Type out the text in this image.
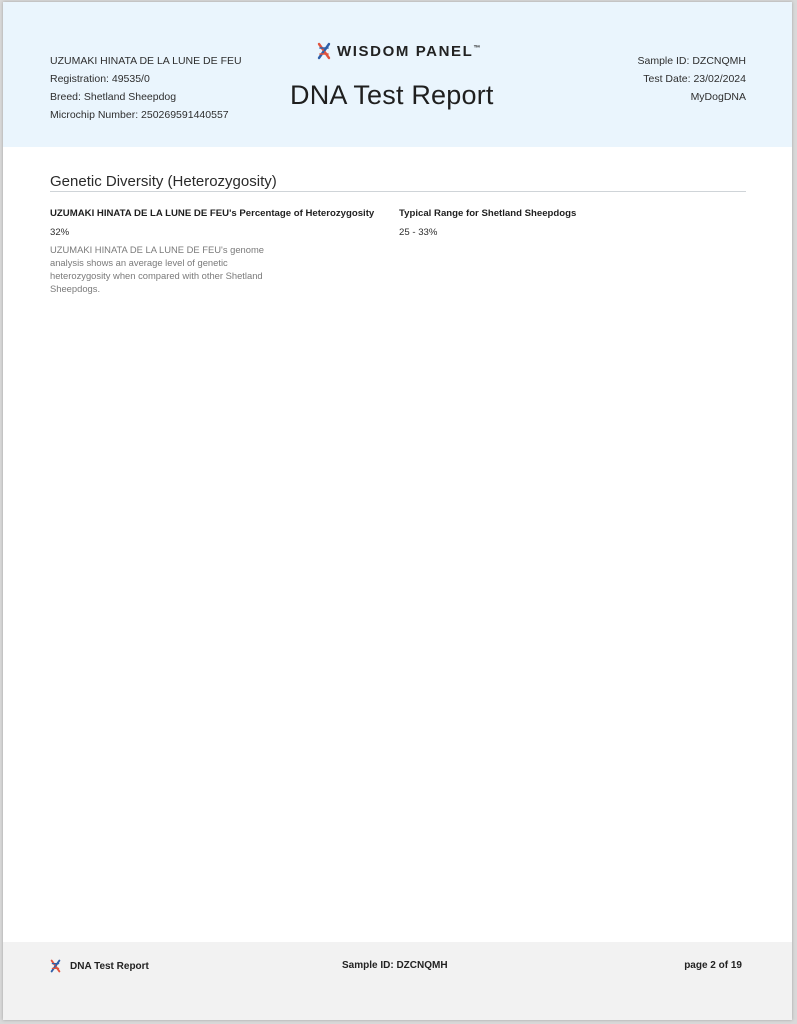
UZUMAKI HINATA DE LA LUNE DE FEU
Registration: 49535/0
Breed: Shetland Sheepdog
Microchip Number: 250269591440557
WISDOM PANEL™
DNA Test Report
Sample ID: DZCNQMH
Test Date: 23/02/2024
MyDogDNA
Genetic Diversity (Heterozygosity)
UZUMAKI HINATA DE LA LUNE DE FEU's Percentage of Heterozygosity	Typical Range for Shetland Sheepdogs
32%	25 - 33%
UZUMAKI HINATA DE LA LUNE DE FEU's genome analysis shows an average level of genetic heterozygosity when compared with other Shetland Sheepdogs.
DNA Test Report	Sample ID: DZCNQMH	page 2 of 19
